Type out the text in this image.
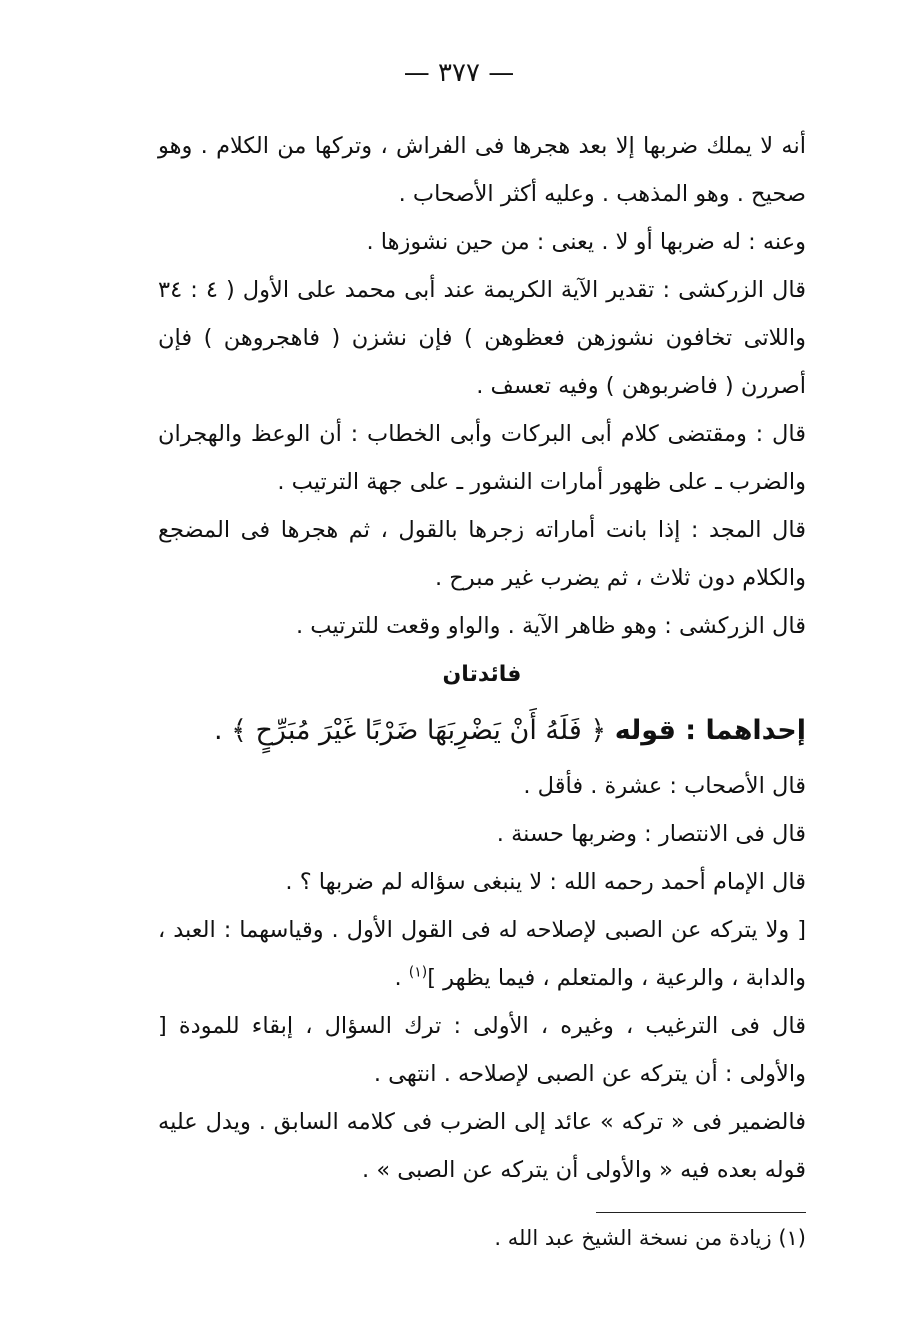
— ٣٧٧ —

أنه لا يملك ضربها إلا بعد هجرها فى الفراش ، وتركها من الكلام . وهو صحيح . وهو المذهب . وعليه أكثر الأصحاب .

وعنه : له ضربها أو لا . يعنى : من حين نشوزها .

قال الزركشى : تقدير الآية الكريمة عند أبى محمد على الأول ( ٤ : ٣٤ واللاتى تخافون نشوزهن فعظوهن ) فإن نشزن ( فاهجروهن ) فإن أصررن ( فاضربوهن ) وفيه تعسف .

قال : ومقتضى كلام أبى البركات وأبى الخطاب : أن الوعظ والهجران والضرب ـ على ظهور أمارات النشور ـ على جهة الترتيب .

قال المجد : إذا بانت أماراته زجرها بالقول ، ثم هجرها فى المضجع والكلام دون ثلاث ، ثم يضرب غير مبرح .

قال الزركشى : وهو ظاهر الآية . والواو وقعت للترتيب .

فائدتان

إحداهما : قوله ﴿ فَلَهُ أَنْ يَضْرِبَهَا ضَرْبًا غَيْرَ مُبَرِّحٍ ﴾ .

قال الأصحاب : عشرة . فأقل .

قال فى الانتصار : وضربها حسنة .

قال الإمام أحمد رحمه الله : لا ينبغى سؤاله لم ضربها ؟ .

[ ولا يتركه عن الصبى لإصلاحه له فى القول الأول . وقياسهما : العبد ، والدابة ، والرعية ، والمتعلم ، فيما يظهر ]$^{(١)}$ .

قال فى الترغيب ، وغيره ، الأولى : ترك السؤال ، إبقاء للمودة [ والأولى : أن يتركه عن الصبى لإصلاحه . انتهى .

فالضمير فى « تركه » عائد إلى الضرب فى كلامه السابق . ويدل عليه قوله بعده فيه « والأولى أن يتركه عن الصبى » .

(١) زيادة من نسخة الشيخ عبد الله .
